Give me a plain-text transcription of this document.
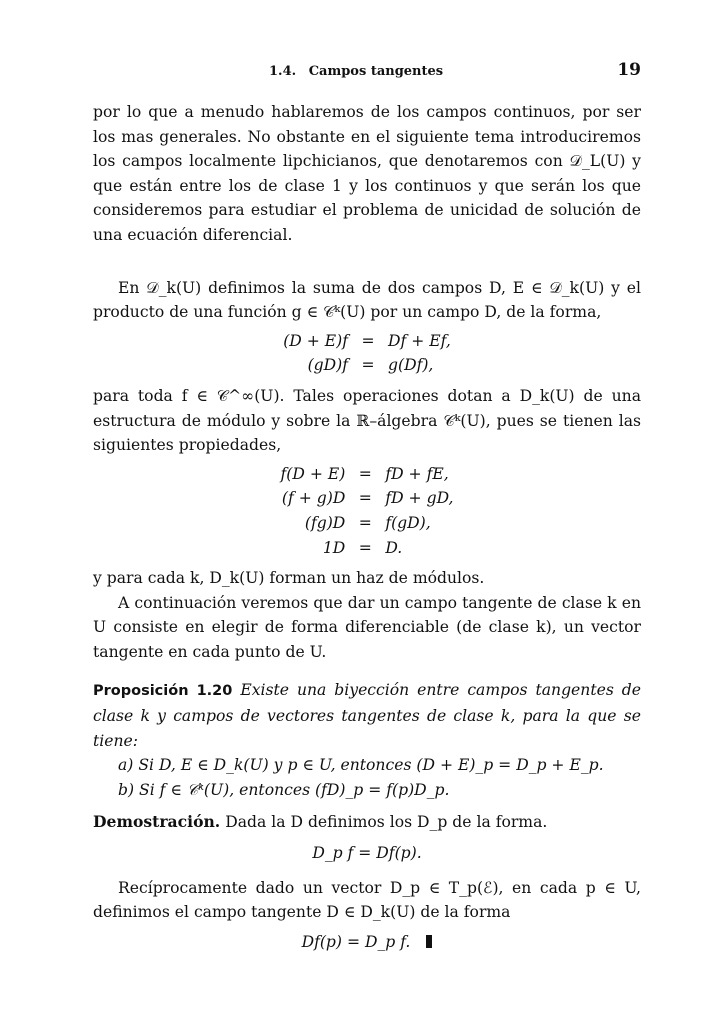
1.4. Campos tangentes	19

por lo que a menudo hablaremos de los campos continuos, por ser los mas generales. No obstante en el siguiente tema introduciremos los campos localmente lipchicianos, que denotaremos con 𝒟_L(U) y que están entre los de clase 1 y los continuos y que serán los que consideremos para estudiar el problema de unicidad de solución de una ecuación diferencial.

En 𝒟_k(U) definimos la suma de dos campos D, E ∈ 𝒟_k(U) y el producto de una función g ∈ 𝒞ᵏ(U) por un campo D, de la forma,

(D + E)f = Df + Ef,
(gD)f = g(Df),

para toda f ∈ 𝒞^∞(U). Tales operaciones dotan a D_k(U) de una estructura de módulo y sobre la ℝ–álgebra 𝒞ᵏ(U), pues se tienen las siguientes propiedades,

f(D + E) = fD + fE,
(f + g)D = fD + gD,
(fg)D = f(gD),
1D = D.

y para cada k, D_k(U) forman un haz de módulos.

A continuación veremos que dar un campo tangente de clase k en U consiste en elegir de forma diferenciable (de clase k), un vector tangente en cada punto de U.

Proposición 1.20 Existe una biyección entre campos tangentes de clase k y campos de vectores tangentes de clase k, para la que se tiene:

a) Si D, E ∈ D_k(U) y p ∈ U, entonces (D + E)_p = D_p + E_p.
b) Si f ∈ 𝒞ᵏ(U), entonces (fD)_p = f(p)D_p.

Demostración. Dada la D definimos los D_p de la forma.

D_p f = Df(p).

Recíprocamente dado un vector D_p ∈ T_p(ℰ), en cada p ∈ U, definimos el campo tangente D ∈ D_k(U) de la forma

Df(p) = D_p f.
